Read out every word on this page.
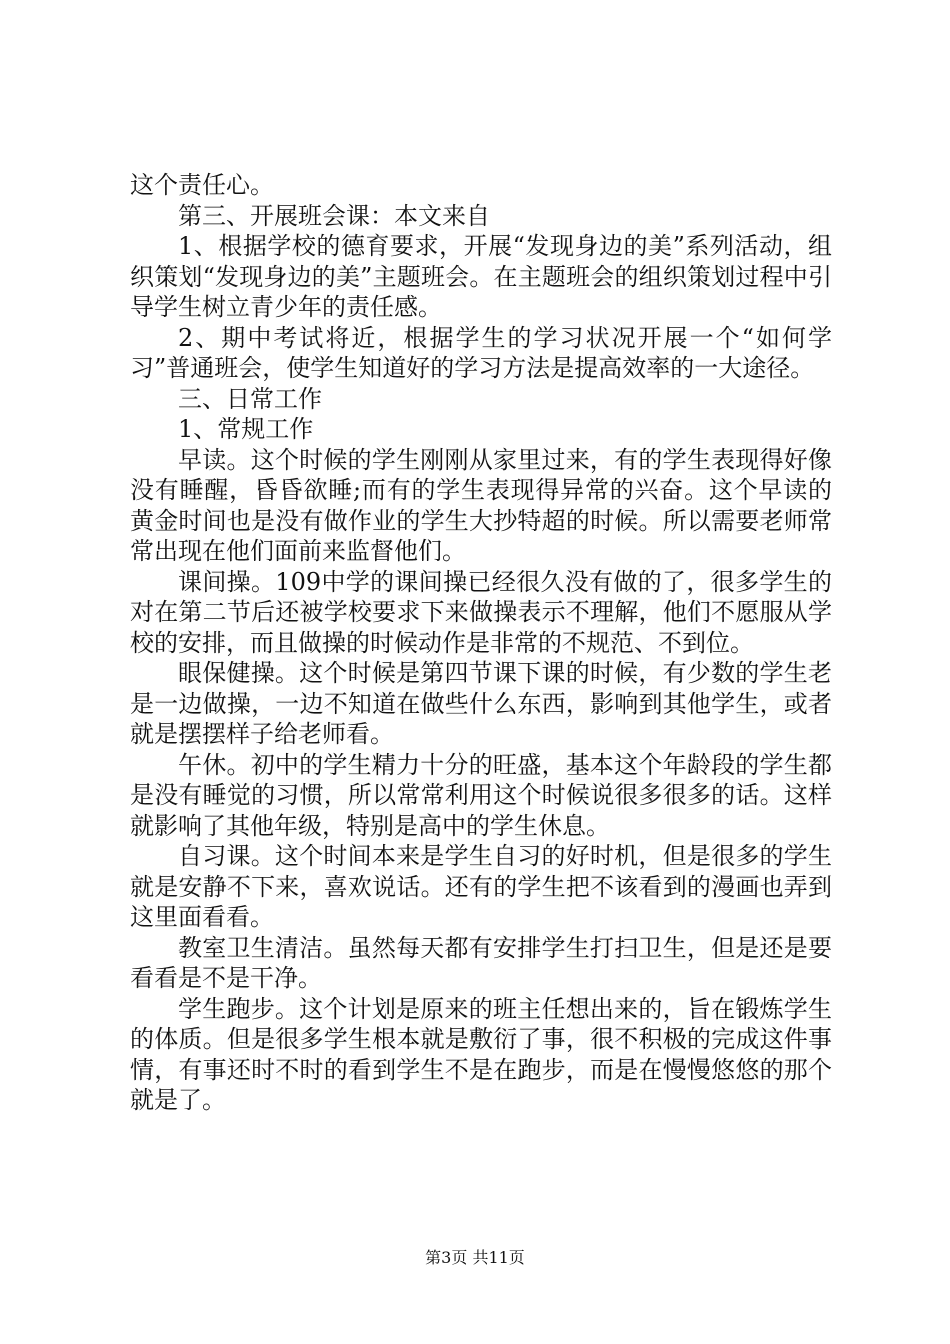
这个责任心。

第三、开展班会课：本文来自

1、根据学校的德育要求，开展“发现身边的美”系列活动，组织策划“发现身边的美”主题班会。在主题班会的组织策划过程中引导学生树立青少年的责任感。

2、期中考试将近，根据学生的学习状况开展一个“如何学习”普通班会，使学生知道好的学习方法是提高效率的一大途径。

三、日常工作

1、常规工作

早读。这个时候的学生刚刚从家里过来，有的学生表现得好像没有睡醒，昏昏欲睡;而有的学生表现得异常的兴奋。这个早读的黄金时间也是没有做作业的学生大抄特超的时候。所以需要老师常常出现在他们面前来监督他们。

课间操。109中学的课间操已经很久没有做的了，很多学生的对在第二节后还被学校要求下来做操表示不理解，他们不愿服从学校的安排，而且做操的时候动作是非常的不规范、不到位。

眼保健操。这个时候是第四节课下课的时候，有少数的学生老是一边做操，一边不知道在做些什么东西，影响到其他学生，或者就是摆摆样子给老师看。

午休。初中的学生精力十分的旺盛，基本这个年龄段的学生都是没有睡觉的习惯，所以常常利用这个时候说很多很多的话。这样就影响了其他年级，特别是高中的学生休息。

自习课。这个时间本来是学生自习的好时机，但是很多的学生就是安静不下来，喜欢说话。还有的学生把不该看到的漫画也弄到这里面看看。

教室卫生清洁。虽然每天都有安排学生打扫卫生，但是还是要看看是不是干净。

学生跑步。这个计划是原来的班主任想出来的，旨在锻炼学生的体质。但是很多学生根本就是敷衍了事，很不积极的完成这件事情，有事还时不时的看到学生不是在跑步，而是在慢慢悠悠的那个就是了。

第3页 共11页
